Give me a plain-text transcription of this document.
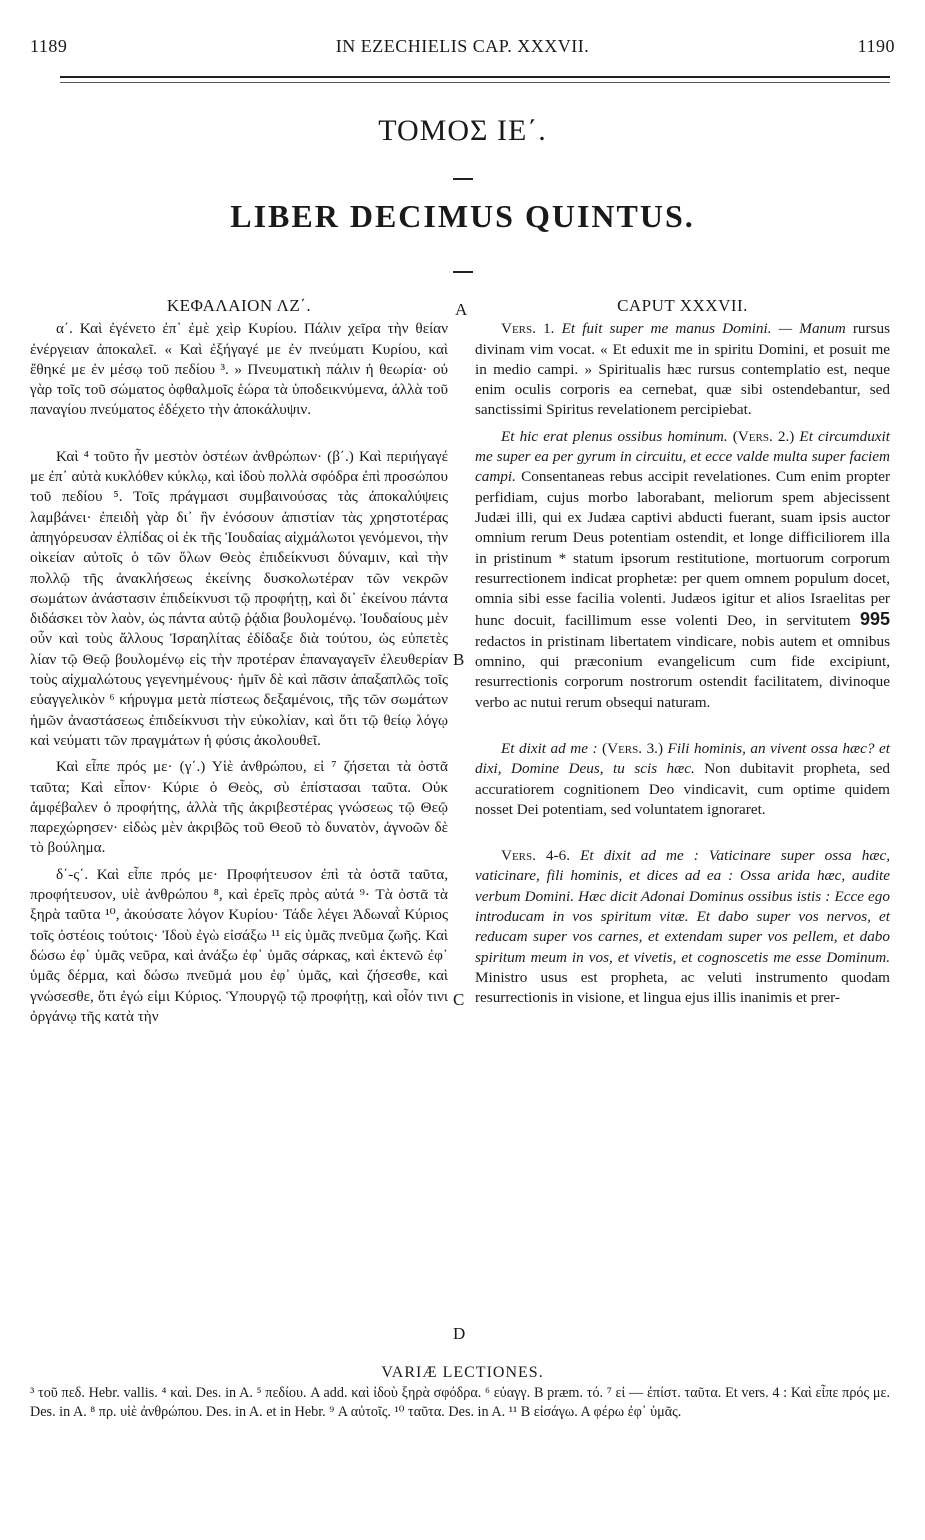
1189	IN EZECHIELIS CAP. XXXVII.	1190
ΤΟΜΟΣ ΙΕ΄.
LIBER DECIMUS QUINTUS.
ΚΕΦΑΛΑΙΟΝ ΛΖ΄.

α΄. Καὶ ἐγένετο ἐπ᾽ ἐμὲ χεὶρ Κυρίου. Πάλιν χεῖρα τὴν θείαν ἐνέργειαν ἀποκαλεῖ. « Καὶ ἐξήγαγέ με ἐν πνεύματι Κυρίου, καὶ ἔθηκέ με ἐν μέσῳ τοῦ πεδίου ³. » Πνευματικὴ πάλιν ἡ θεωρία· οὐ γὰρ τοῖς τοῦ σώματος ὀφθαλμοῖς ἑώρα τὰ ὑποδεικνύμενα, ἀλλὰ τοῦ παναγίου πνεύματος ἐδέχετο τὴν ἀποκάλυψιν.

Καὶ ⁴ τοῦτο ἦν μεστὸν ὀστέων ἀνθρώπων· (β΄.) Καὶ περιήγαγέ με ἐπ᾽ αὐτὰ κυκλόθεν κύκλῳ, καὶ ἰδοὺ πολλὰ σφόδρα ἐπὶ προσώπου τοῦ πεδίου ⁵. Τοῖς πράγμασι συμβαινούσας τὰς ἀποκαλύψεις λαμβάνει· ἐπειδὴ γὰρ δι᾽ ἣν ἐνόσουν ἀπιστίαν τὰς χρηστοτέρας ἀπηγόρευσαν ἐλπίδας οἱ ἐκ τῆς Ἰουδαίας αἰχμάλωτοι γενόμενοι, τὴν οἰκείαν αὐτοῖς ὁ τῶν ὅλων Θεὸς ἐπιδείκνυσι δύναμιν, καὶ τὴν πολλῷ τῆς ἀνακλήσεως ἐκείνης δυσκολωτέραν τῶν νεκρῶν σωμάτων ἀνάστασιν ἐπιδείκνυσι τῷ προφήτῃ, καὶ δι᾽ ἐκείνου πάντα διδάσκει τὸν λαὸν, ὡς πάντα αὐτῷ ῥᾴδια βουλομένῳ. Ἰουδαίους μὲν οὖν καὶ τοὺς ἄλλους Ἰσραηλίτας ἐδίδαξε διὰ τούτου, ὡς εὐπετὲς λίαν τῷ Θεῷ βουλομένῳ εἰς τὴν προτέραν ἐπαναγαγεῖν ἐλευθερίαν τοὺς αἰχμαλώτους γεγενημένους· ἡμῖν δὲ καὶ πᾶσιν ἁπαξαπλῶς τοῖς εὐαγγελικὸν ⁶ κήρυγμα μετὰ πίστεως δεξαμένοις, τῆς τῶν σωμάτων ἡμῶν ἀναστάσεως ἐπιδείκνυσι τὴν εὐκολίαν, καὶ ὅτι τῷ θείῳ λόγῳ καὶ νεύματι τῶν πραγμάτων ἡ φύσις ἀκολουθεῖ.

Καὶ εἶπε πρός με· (γ΄.) Υἱὲ ἀνθρώπου, εἰ ⁷ ζήσεται τὰ ὀστᾶ ταῦτα; Καὶ εἶπον· Κύριε ὁ Θεὸς, σὺ ἐπίστασαι ταῦτα. Οὐκ ἀμφέβαλεν ὁ προφήτης, ἀλλὰ τῆς ἀκριβεστέρας γνώσεως τῷ Θεῷ παρεχώρησεν· εἰδὼς μὲν ἀκριβῶς τοῦ Θεοῦ τὸ δυνατὸν, ἀγνοῶν δὲ τὸ βούλημα.

δ΄-ς΄. Καὶ εἶπε πρός με· Προφήτευσον ἐπὶ τὰ ὀστᾶ ταῦτα, προφήτευσον, υἱὲ ἀνθρώπου ⁸, καὶ ἐρεῖς πρὸς αὐτά ⁹· Τὰ ὀστᾶ τὰ ξηρὰ ταῦτα ¹⁰, ἀκούσατε λόγον Κυρίου· Τάδε λέγει Ἀδωναῒ Κύριος τοῖς ὀστέοις τούτοις· Ἰδοὺ ἐγὼ εἰσάξω ¹¹ εἰς ὑμᾶς πνεῦμα ζωῆς. Καὶ δώσω ἐφ᾽ ὑμᾶς νεῦρα, καὶ ἀνάξω ἐφ᾽ ὑμᾶς σάρκας, καὶ ἐκτενῶ ἐφ᾽ ὑμᾶς δέρμα, καὶ δώσω πνεῦμά μου ἐφ᾽ ὑμᾶς, καὶ ζήσεσθε, καὶ γνώσεσθε, ὅτι ἐγώ εἰμι Κύριος. Ὑπουργῷ τῷ προφήτῃ, καὶ οἷόν τινι ὀργάνῳ τῆς κατὰ τὴν

CAPUT XXXVII.

Vers. 1. Et fuit super me manus Domini. — Manum rursus divinam vim vocat. « Et eduxit me in spiritu Domini, et posuit me in medio campi. » Spiritualis hæc rursus contemplatio est, neque enim oculis corporis ea cernebat, quæ sibi ostendebantur, sed sanctissimi Spiritus revelationem percipiebat.

Et hic erat plenus ossibus hominum. (Vers. 2.) Et circumduxit me super ea per gyrum in circuitu, et ecce valde multa super faciem campi. Consentaneas rebus accipit revelationes. Cum enim propter perfidiam, cujus morbo laborabant, meliorum spem abjecissent Judæi illi, qui ex Judæa captivi abducti fuerant, suam ipsis auctor omnium rerum Deus potentiam ostendit, et longe difficiliorem illa in pristinum * statum ipsorum restitutione, mortuorum corporum resurrectionem indicat prophetæ: per quem omnem populum docet, omnia sibi esse facilia volenti. Judæos igitur et alios Israelitas per hunc docuit, facillimum esse volenti Deo, in servitutem 995 redactos in pristinam libertatem vindicare, nobis autem et omnibus omnino, qui præconium evangelicum cum fide excipiunt, resurrectionis corporum nostrorum ostendit facilitatem, divinoque verbo ac nutui rerum obsequi naturam.

Et dixit ad me : (Vers. 3.) Fili hominis, an vivent ossa hæc? et dixi, Domine Deus, tu scis hæc. Non dubitavit propheta, sed accuratiorem cognitionem Deo vindicavit, cum optime quidem nosset Dei potentiam, sed voluntatem ignoraret.

Vers. 4-6. Et dixit ad me : Vaticinare super ossa hæc, vaticinare, fili hominis, et dices ad ea : Ossa arida hæc, audite verbum Domini. Hæc dicit Adonai Dominus ossibus istis : Ecce ego introducam in vos spiritum vitæ. Et dabo super vos nervos, et reducam super vos carnes, et extendam super vos pellem, et dabo spiritum meum in vos, et vivetis, et cognoscetis me esse Dominum. Ministro usus est propheta, ac veluti instrumento quodam resurrectionis in visione, et lingua ejus illis inanimis et prer-

A
B
C
D
VARIÆ LECTIONES.
³ τοῦ πεδ. Hebr. vallis. ⁴ καὶ. Des. in A. ⁵ πεδίου. A add. καὶ ἰδοὺ ξηρὰ σφόδρα. ⁶ εὐαγγ. B præm. τό. ⁷ εἰ — ἐπίστ. ταῦτα. Et vers. 4 : Καὶ εἶπε πρός με. Des. in A. ⁸ πρ. υἱὲ ἀνθρώπου. Des. in A. et in Hebr. ⁹ Α αὐτοῖς. ¹⁰ ταῦτα. Des. in A. ¹¹ Β εἰσάγω. Α φέρω ἐφ᾽ ὑμᾶς.
